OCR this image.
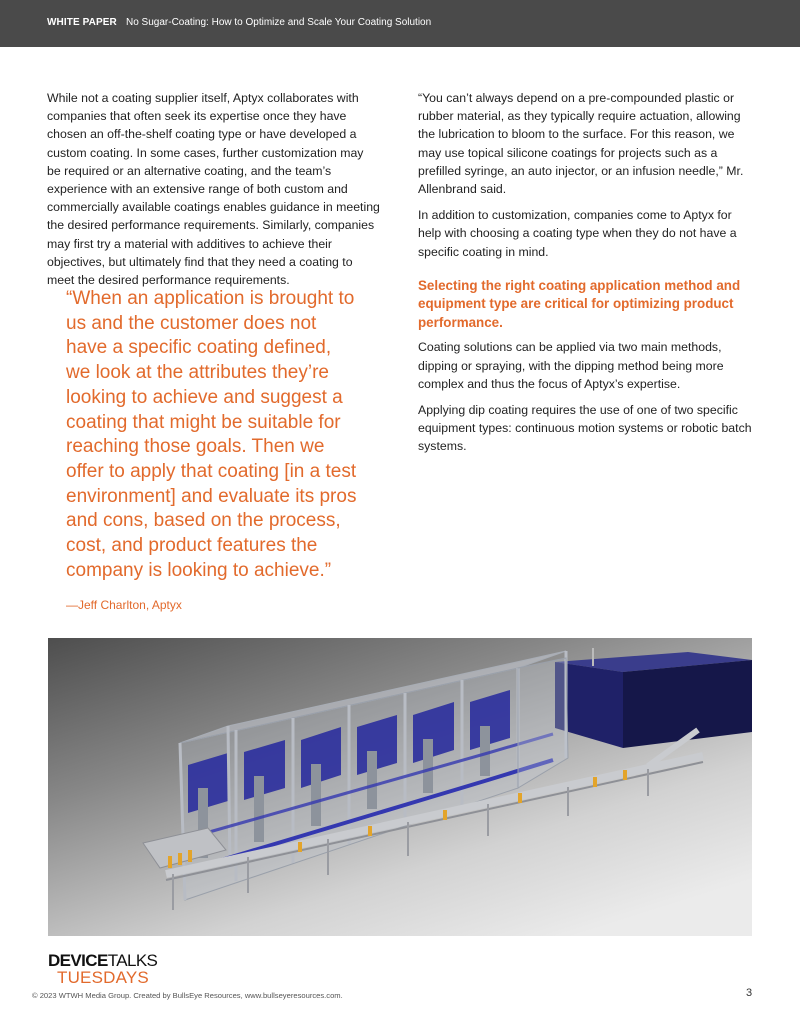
WHITE PAPER No Sugar-Coating: How to Optimize and Scale Your Coating Solution

While not a coating supplier itself, Aptyx collaborates with companies that often seek its expertise once they have chosen an off-the-shelf coating type or have developed a custom coating. In some cases, further customization may be required or an alternative coating, and the team’s experience with an extensive range of both custom and commercially available coatings enables guidance in meeting the desired performance requirements. Similarly, companies may first try a material with additives to achieve their objectives, but ultimately find that they need a coating to meet the desired performance requirements.

“When an application is brought to us and the customer does not have a specific coating defined, we look at the attributes they’re looking to achieve and suggest a coating that might be suitable for reaching those goals. Then we offer to apply that coating [in a test environment] and evaluate its pros and cons, based on the process, cost, and product features the company is looking to achieve.”
—Jeff Charlton, Aptyx

“You can’t always depend on a pre-compounded plastic or rubber material, as they typically require actuation, allowing the lubrication to bloom to the surface. For this reason, we may use topical silicone coatings for projects such as a prefilled syringe, an auto injector, or an infusion needle,” Mr. Allenbrand said.

In addition to customization, companies come to Aptyx for help with choosing a coating type when they do not have a specific coating in mind.

Selecting the right coating application method and equipment type are critical for optimizing product performance.

Coating solutions can be applied via two main methods, dipping or spraying, with the dipping method being more complex and thus the focus of Aptyx’s expertise.

Applying dip coating requires the use of one of two specific equipment types: continuous motion systems or robotic batch systems.

DEVICETALKS
TUESDAYS
© 2023 WTWH Media Group. Created by BullsEye Resources, www.bullseyeresources.com.	3
